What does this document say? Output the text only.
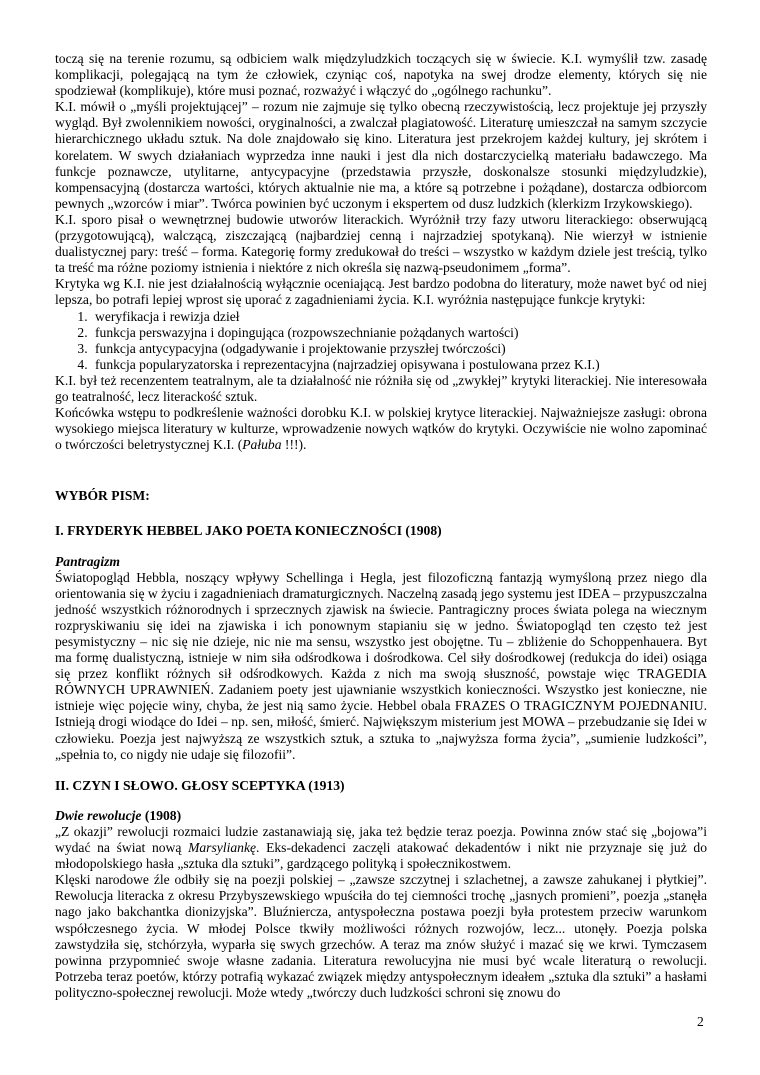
toczą się na terenie rozumu, są odbiciem walk międzyludzkich toczących się w świecie. K.I. wymyślił tzw. zasadę komplikacji, polegającą na tym że człowiek, czyniąc coś, napotyka na swej drodze elementy, których się nie spodziewał (komplikuje), które musi poznać, rozważyć i włączyć do „ogólnego rachunku”.

K.I. mówił o „myśli projektującej” – rozum nie zajmuje się tylko obecną rzeczywistością, lecz projektuje jej przyszły wygląd. Był zwolennikiem nowości, oryginalności, a zwalczał plagiatowość. Literaturę umieszczał na samym szczycie hierarchicznego układu sztuk. Na dole znajdowało się kino. Literatura jest przekrojem każdej kultury, jej skrótem i korelatem. W swych działaniach wyprzedza inne nauki i jest dla nich dostarczycielką materiału badawczego. Ma funkcje poznawcze, utylitarne, antycypacyjne (przedstawia przyszłe, doskonalsze stosunki międzyludzkie), kompensacyjną (dostarcza wartości, których aktualnie nie ma, a które są potrzebne i pożądane), dostarcza odbiorcom pewnych „wzorców i miar”. Twórca powinien być uczonym i ekspertem od dusz ludzkich (klerkizm Irzykowskiego).

K.I. sporo pisał o wewnętrznej budowie utworów literackich. Wyróżnił trzy fazy utworu literackiego: obserwującą (przygotowującą), walczącą, ziszczającą (najbardziej cenną i najrzadziej spotykaną). Nie wierzył w istnienie dualistycznej pary: treść – forma. Kategorię formy zredukował do treści – wszystko w każdym dziele jest treścią, tylko ta treść ma różne poziomy istnienia i niektóre z nich określa się nazwą-pseudonimem „forma”.

Krytyka wg K.I. nie jest działalnością wyłącznie oceniającą. Jest bardzo podobna do literatury, może nawet być od niej lepsza, bo potrafi lepiej wprost się uporać z zagadnieniami życia. K.I. wyróżnia następujące funkcje krytyki:

1. weryfikacja i rewizja dzieł
2. funkcja perswazyjna i dopingująca (rozpowszechnianie pożądanych wartości)
3. funkcja antycypacyjna (odgadywanie i projektowanie przyszłej twórczości)
4. funkcja popularyzatorska i reprezentacyjna (najrzadziej opisywana i postulowana przez K.I.)

K.I. był też recenzentem teatralnym, ale ta działalność nie różniła się od „zwykłej” krytyki literackiej. Nie interesowała go teatralność, lecz literackość sztuk.

Końcówka wstępu to podkreślenie ważności dorobku K.I. w polskiej krytyce literackiej. Najważniejsze zasługi: obrona wysokiego miejsca literatury w kulturze, wprowadzenie nowych wątków do krytyki. Oczywiście nie wolno zapominać o twórczości beletrystycznej K.I. (Pałuba !!!).

WYBÓR PISM:

I. FRYDERYK HEBBEL JAKO POETA KONIECZNOŚCI (1908)

Pantragizm

Światopogląd Hebbla, noszący wpływy Schellinga i Hegla, jest filozoficzną fantazją wymyśloną przez niego dla orientowania się w życiu i zagadnieniach dramaturgicznych. Naczelną zasadą jego systemu jest IDEA – przypuszczalna jedność wszystkich różnorodnych i sprzecznych zjawisk na świecie. Pantragiczny proces świata polega na wiecznym rozpryskiwaniu się idei na zjawiska i ich ponownym stapianiu się w jedno. Światopogląd ten często też jest pesymistyczny – nic się nie dzieje, nic nie ma sensu, wszystko jest obojętne. Tu – zbliżenie do Schoppenhauera. Byt ma formę dualistyczną, istnieje w nim siła odśrodkowa i dośrodkowa. Cel siły dośrodkowej (redukcja do idei) osiąga się przez konflikt różnych sił odśrodkowych. Każda z nich ma swoją słuszność, powstaje więc TRAGEDIA RÓWNYCH UPRAWNIEŃ. Zadaniem poety jest ujawnianie wszystkich konieczności. Wszystko jest konieczne, nie istnieje więc pojęcie winy, chyba, że jest nią samo życie. Hebbel obala FRAZES O TRAGICZNYM POJEDNANIU. Istnieją drogi wiodące do Idei – np. sen, miłość, śmierć. Największym misterium jest MOWA – przebudzanie się Idei w człowieku. Poezja jest najwyższą ze wszystkich sztuk, a sztuka to „najwyższa forma życia”, „sumienie ludzkości”, „spełnia to, co nigdy nie udaje się filozofii”.

II. CZYN I SŁOWO. GŁOSY SCEPTYKA (1913)

Dwie rewolucje (1908)

„Z okazji” rewolucji rozmaici ludzie zastanawiają się, jaka też będzie teraz poezja. Powinna znów stać się „bojowa”i wydać na świat nową Marsyliankę. Eks-dekadenci zaczęli atakować dekadentów i nikt nie przyznaje się już do młodopolskiego hasła „sztuka dla sztuki”, gardzącego polityką i społecznikostwem.

Klęski narodowe źle odbiły się na poezji polskiej – „zawsze szczytnej i szlachetnej, a zawsze zahukanej i płytkiej”. Rewolucja literacka z okresu Przybyszewskiego wpuściła do tej ciemności trochę „jasnych promieni”, poezja „stanęła nago jako bakchantka dionizyjska”. Bluźniercza, antyspołeczna postawa poezji była protestem przeciw warunkom współczesnego życia. W młodej Polsce tkwiły możliwości różnych rozwojów, lecz... utonęły. Poezja polska zawstydziła się, stchórzyła, wyparła się swych grzechów. A teraz ma znów służyć i mazać się we krwi. Tymczasem powinna przypomnieć swoje własne zadania. Literatura rewolucyjna nie musi być wcale literaturą o rewolucji. Potrzeba teraz poetów, którzy potrafią wykazać związek między antyspołecznym ideałem „sztuka dla sztuki” a hasłami polityczno-społecznej rewolucji. Może wtedy „twórczy duch ludzkości schroni się znowu do

2
